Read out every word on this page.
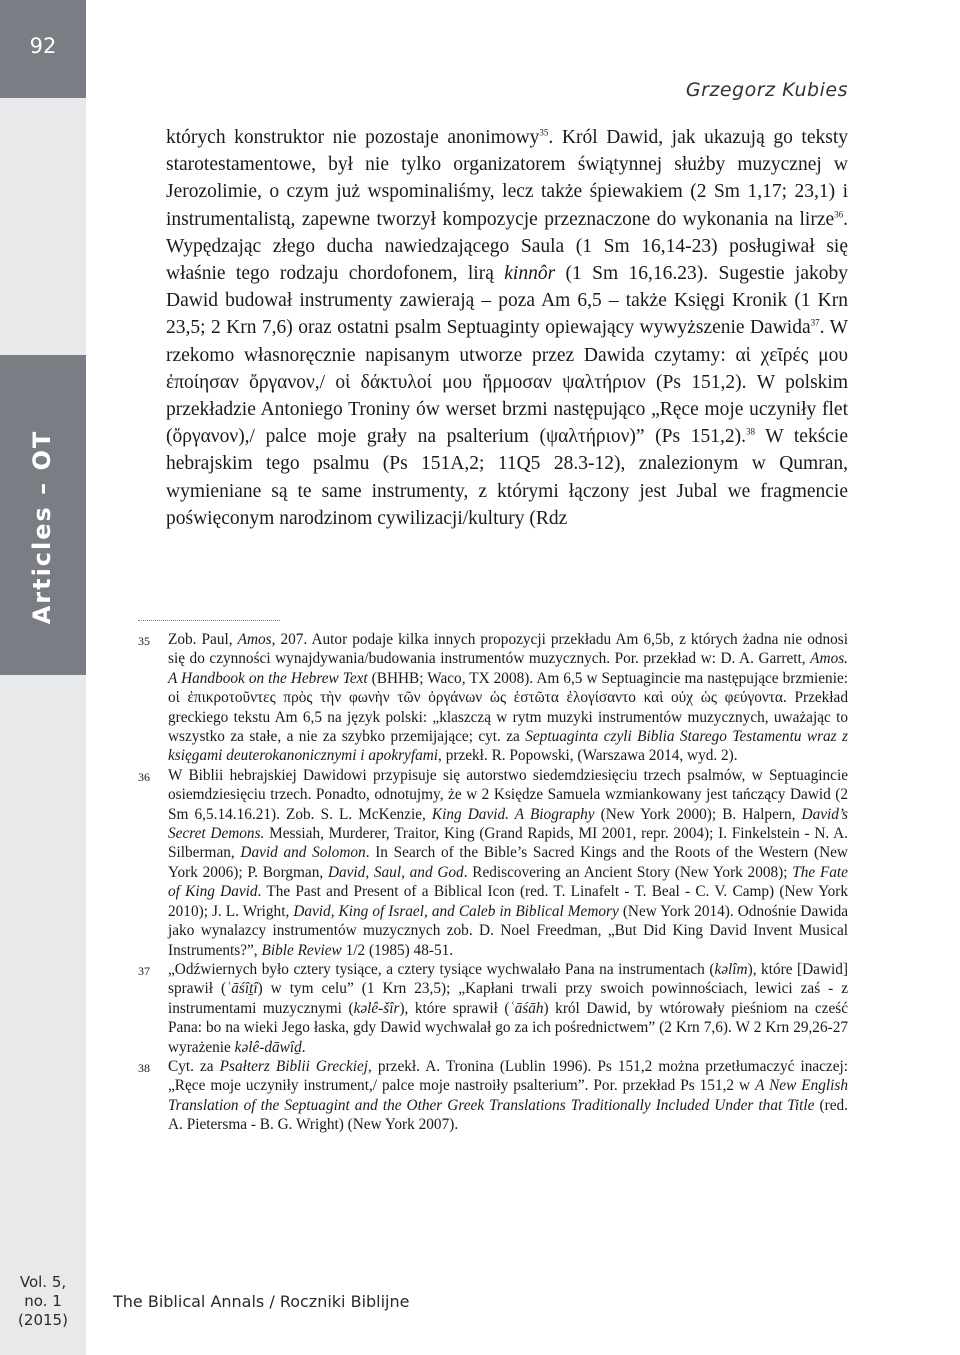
92
Articles – OT
Vol. 5,
no. 1
(2015)
Grzegorz Kubies

których konstruktor nie pozostaje anonimowy$^{35}$. Król Dawid, jak ukazują go teksty starotestamentowe, był nie tylko organizatorem świątynnej służby muzycznej w Jerozolimie, o czym już wspominaliśmy, lecz także śpiewakiem (2 Sm 1,17; 23,1) i instrumentalistą, zapewne tworzył kompozycje przeznaczone do wykonania na lirze$^{36}$. Wypędzając złego ducha nawiedzającego Saula (1 Sm 16,14-23) posługiwał się właśnie tego rodzaju chordofonem, lirą kinnôr (1 Sm 16,16.23). Sugestie jakoby Dawid budował instrumenty zawierają – poza Am 6,5 – także Księgi Kronik (1 Krn 23,5; 2 Krn 7,6) oraz ostatni psalm Septuaginty opiewający wywyższenie Dawida$^{37}$. W rzekomo własnoręcznie napisanym utworze przez Dawida czytamy: αἱ χεῖρές μου ἐποίησαν ὄργανον,/ οἱ δάκτυλοί μου ἥρμοσαν ψαλτήριον (Ps 151,2). W polskim przekładzie Antoniego Troniny ów werset brzmi następująco „Ręce moje uczyniły flet (ὄργανον),/ palce moje grały na psalterium (ψαλτήριον)” (Ps 151,2).$^{38}$ W tekście hebrajskim tego psalmu (Ps 151A,2; 11Q5 28.3-12), znalezionym w Qumran, wymieniane są te same instrumenty, z którymi łączony jest Jubal we fragmencie poświęconym narodzinom cywilizacji/kultury (Rdz

35	Zob. Paul, Amos, 207. Autor podaje kilka innych propozycji przekładu Am 6,5b, z których żadna nie odnosi się do czynności wynajdywania/budowania instrumentów muzycznych. Por. przekład w: D. A. Garrett, Amos. A Handbook on the Hebrew Text (BHHB; Waco, TX 2008). Am 6,5 w Septuagincie ma następujące brzmienie: οἱ ἐπικροτοῦντες πρὸς τὴν φωνὴν τῶν ὀργάνων ὡς ἑστῶτα ἐλογίσαντο καὶ οὐχ ὡς φεύγοντα. Przekład greckiego tekstu Am 6,5 na język polski: „klaszczą w rytm muzyki instrumentów muzycznych, uważając to wszystko za stałe, a nie za szybko przemijające; cyt. za Septuaginta czyli Biblia Starego Testamentu wraz z księgami deuterokanonicznymi i apokryfami, przekł. R. Popowski, (Warszawa 2014, wyd. 2).
36	W Biblii hebrajskiej Dawidowi przypisuje się autorstwo siedemdziesięciu trzech psalmów, w Septuagincie osiemdziesięciu trzech. Ponadto, odnotujmy, że w 2 Księdze Samuela wzmiankowany jest tańczący Dawid (2 Sm 6,5.14.16.21). Zob. S. L. McKenzie, King David. A Biography (New York 2000); B. Halpern, David’s Secret Demons. Messiah, Murderer, Traitor, King (Grand Rapids, MI 2001, repr. 2004); I. Finkelstein - N. A. Silberman, David and Solomon. In Search of the Bible’s Sacred Kings and the Roots of the Western (New York 2006); P. Borgman, David, Saul, and God. Rediscovering an Ancient Story (New York 2008); The Fate of King David. The Past and Present of a Biblical Icon (red. T. Linafelt - T. Beal - C. V. Camp) (New York 2010); J. L. Wright, David, King of Israel, and Caleb in Biblical Memory (New York 2014). Odnośnie Dawida jako wynalazcy instrumentów muzycznych zob. D. Noel Freedman, „But Did King David Invent Musical Instruments?”, Bible Review 1/2 (1985) 48-51.
37	„Odźwiernych było cztery tysiące, a cztery tysiące wychwalało Pana na instrumentach (kəlîm), które [Dawid] sprawił (ʿāśîṯî) w tym celu” (1 Krn 23,5); „Kapłani trwali przy swoich powinnościach, lewici zaś - z instrumentami muzycznymi (kəlê-šîr), które sprawił (ʿāśāh) król Dawid, by wtórowały pieśniom na cześć Pana: bo na wieki Jego łaska, gdy Dawid wychwalał go za ich pośrednictwem” (2 Krn 7,6). W 2 Krn 29,26-27 wyrażenie kəlê-dāwîḏ.
38	Cyt. za Psałterz Biblii Greckiej, przekł. A. Tronina (Lublin 1996). Ps 151,2 można przetłumaczyć inaczej: „Ręce moje uczyniły instrument,/ palce moje nastroiły psalterium”. Por. przekład Ps 151,2 w A New English Translation of the Septuagint and the Other Greek Translations Traditionally Included Under that Title (red. A. Pietersma - B. G. Wright) (New York 2007).
The Biblical Annals / Roczniki Biblijne
